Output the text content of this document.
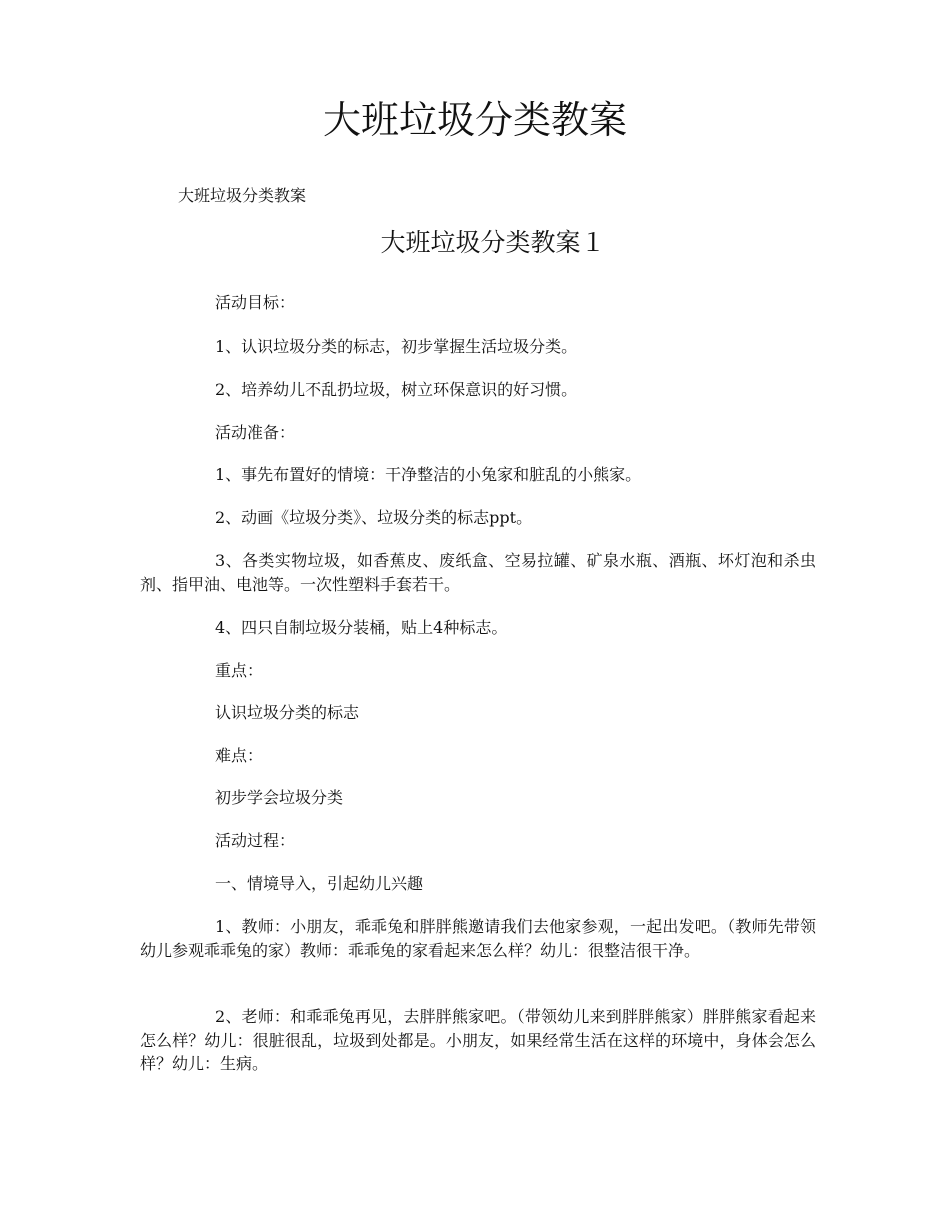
大班垃圾分类教案

大班垃圾分类教案

大班垃圾分类教案１

活动目标：

1、认识垃圾分类的标志，初步掌握生活垃圾分类。

2、培养幼儿不乱扔垃圾，树立环保意识的好习惯。

活动准备：

1、事先布置好的情境：干净整洁的小兔家和脏乱的小熊家。

2、动画《垃圾分类》、垃圾分类的标志ppt。

3、各类实物垃圾，如香蕉皮、废纸盒、空易拉罐、矿泉水瓶、酒瓶、坏灯泡和杀虫剂、指甲油、电池等。一次性塑料手套若干。

4、四只自制垃圾分装桶，贴上4种标志。

重点：

认识垃圾分类的标志

难点：

初步学会垃圾分类

活动过程：

一、情境导入，引起幼儿兴趣

1、教师：小朋友，乖乖兔和胖胖熊邀请我们去他家参观，一起出发吧。（教师先带领幼儿参观乖乖兔的家）教师：乖乖兔的家看起来怎么样？幼儿：很整洁很干净。

2、老师：和乖乖兔再见，去胖胖熊家吧。（带领幼儿来到胖胖熊家）胖胖熊家看起来怎么样？幼儿：很脏很乱，垃圾到处都是。小朋友，如果经常生活在这样的环境中，身体会怎么样？幼儿：生病。
